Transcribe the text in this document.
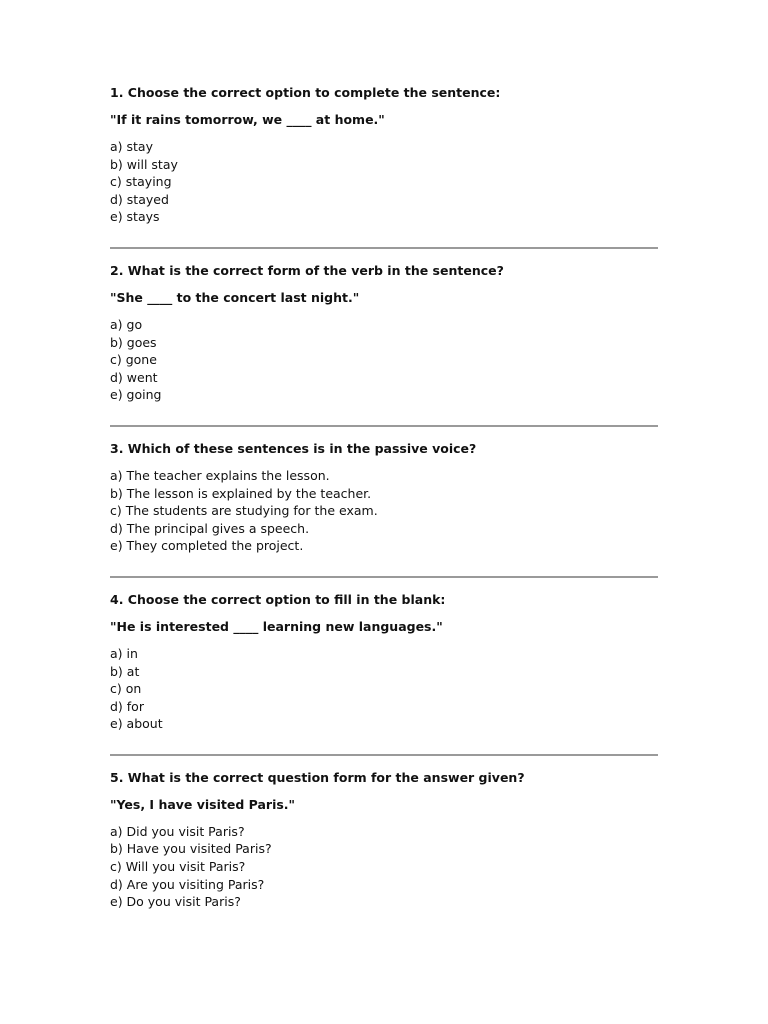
1. Choose the correct option to complete the sentence:

"If it rains tomorrow, we ____ at home."

a) stay
b) will stay
c) staying
d) stayed
e) stays

2. What is the correct form of the verb in the sentence?

"She ____ to the concert last night."

a) go
b) goes
c) gone
d) went
e) going

3. Which of these sentences is in the passive voice?

a) The teacher explains the lesson.
b) The lesson is explained by the teacher.
c) The students are studying for the exam.
d) The principal gives a speech.
e) They completed the project.

4. Choose the correct option to fill in the blank:

"He is interested ____ learning new languages."

a) in
b) at
c) on
d) for
e) about

5. What is the correct question form for the answer given?

"Yes, I have visited Paris."

a) Did you visit Paris?
b) Have you visited Paris?
c) Will you visit Paris?
d) Are you visiting Paris?
e) Do you visit Paris?
